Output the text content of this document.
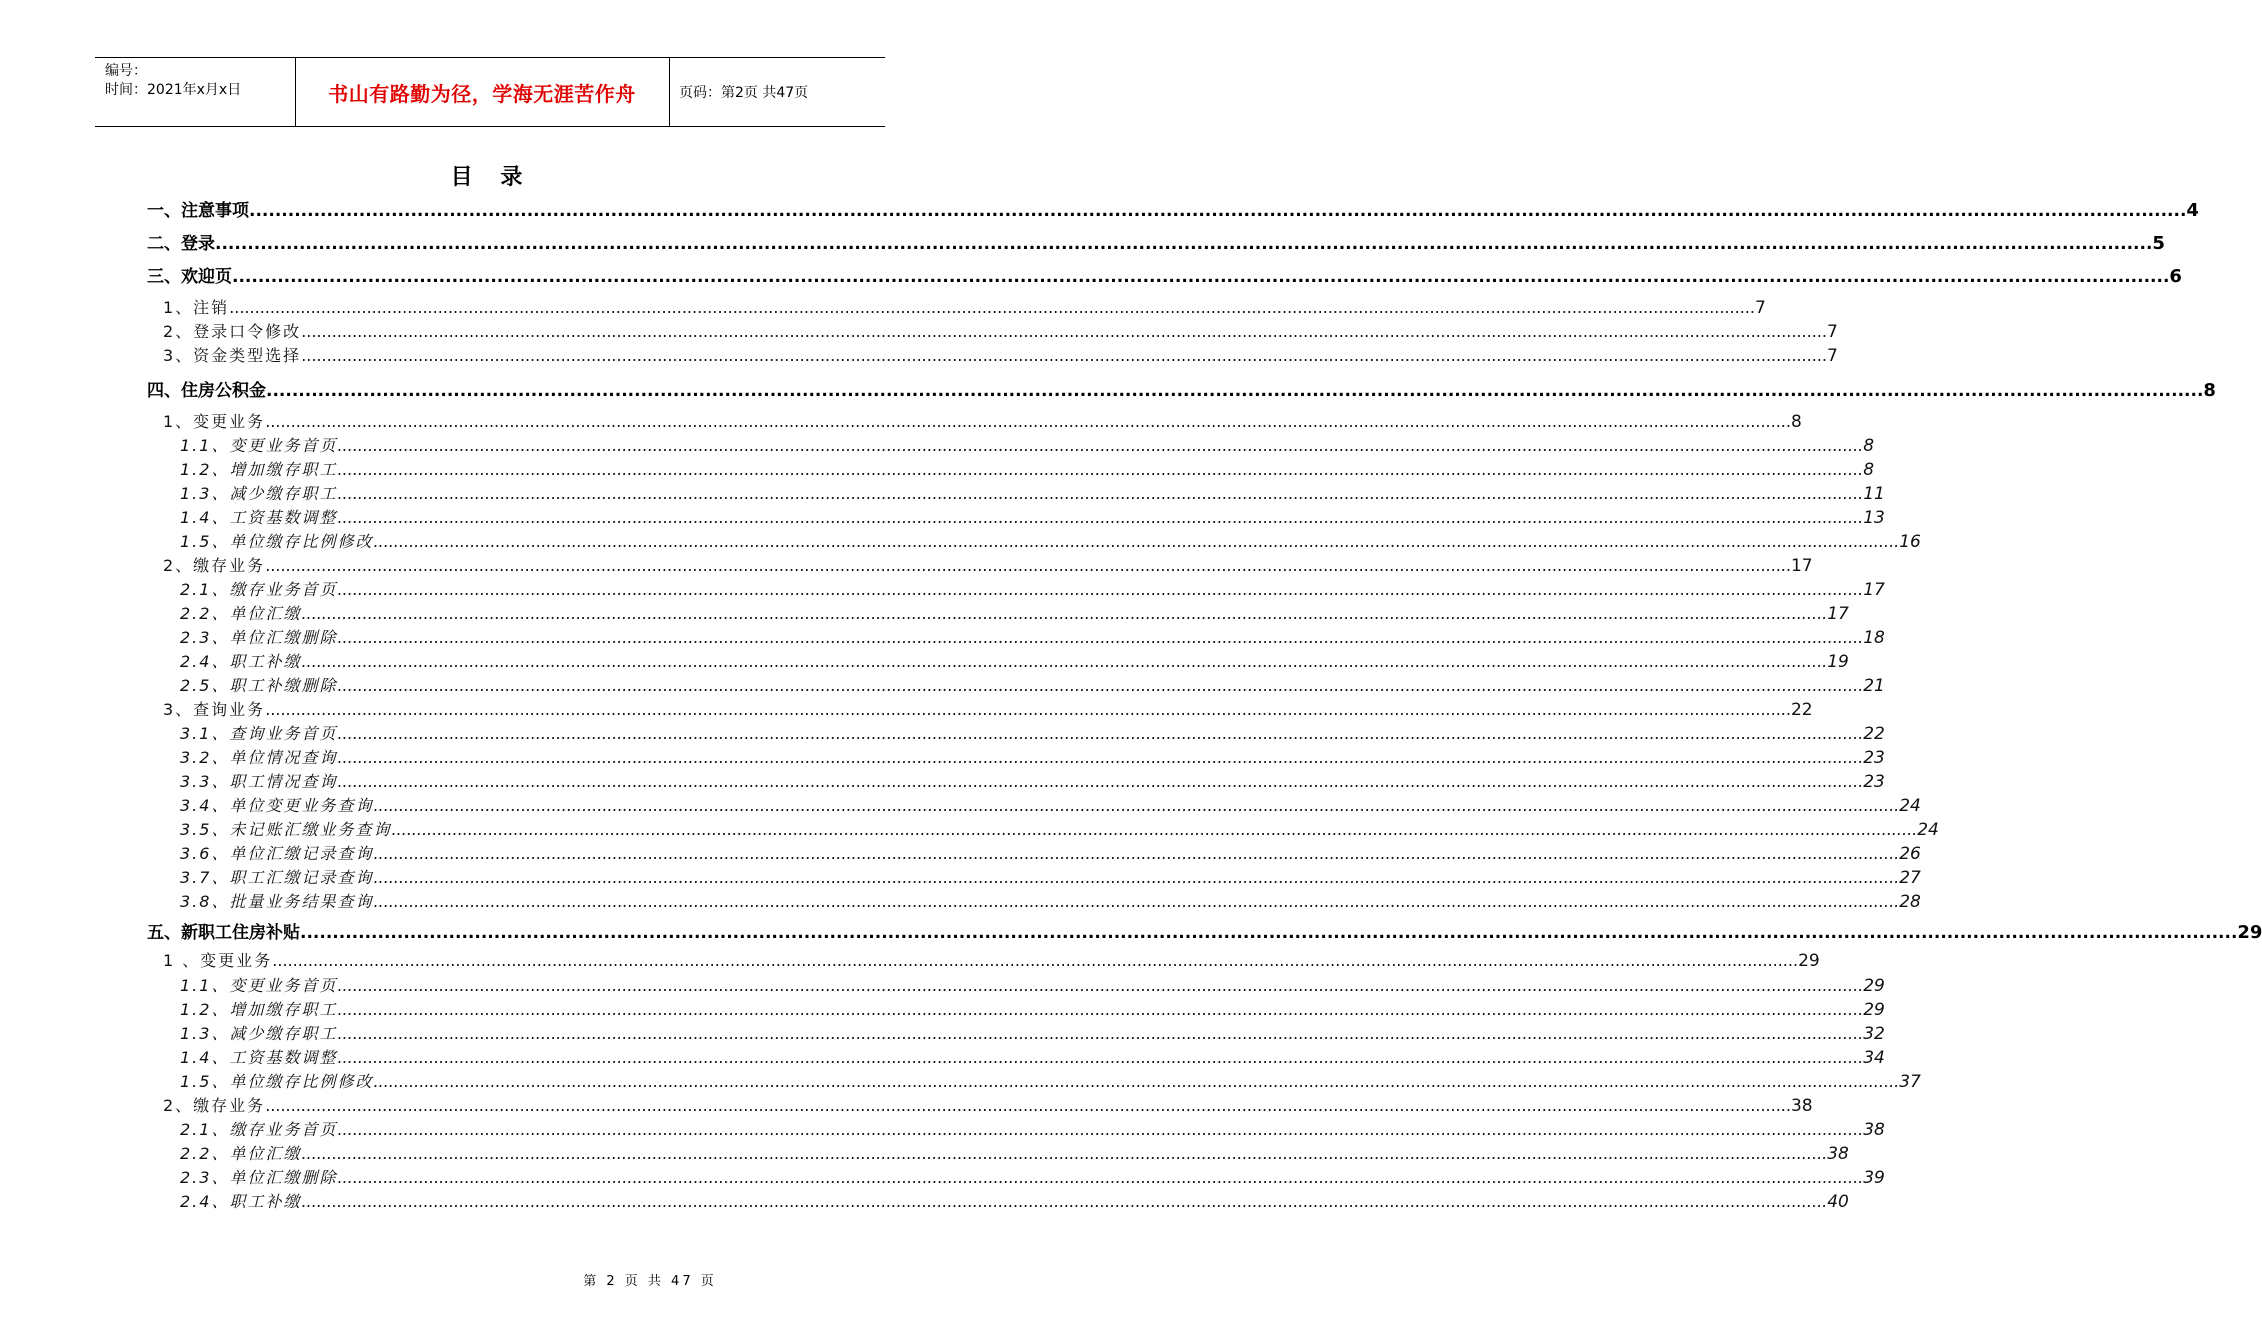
编号：
时间：2021年x月x日	书山有路勤为径，学海无涯苦作舟	页码：第2页 共47页
目 录
一、注意事项 ............................................................................................................................................................................................................................................................................................................ 4
二、登录 ............................................................................................................................................................................................................................................................................................................ 5
三、欢迎页 ............................................................................................................................................................................................................................................................................................................ 6
1、注销 ............................................................................................................................................................................................................................................................................................................ 7
2、登录口令修改 ............................................................................................................................................................................................................................................................................................................ 7
3、资金类型选择 ............................................................................................................................................................................................................................................................................................................ 7
四、住房公积金 ............................................................................................................................................................................................................................................................................................................ 8
1、变更业务 ............................................................................................................................................................................................................................................................................................................ 8
1.1、变更业务首页 ............................................................................................................................................................................................................................................................................................................ 8
1.2、增加缴存职工 ............................................................................................................................................................................................................................................................................................................ 8
1.3、减少缴存职工 ............................................................................................................................................................................................................................................................................................................ 11
1.4、工资基数调整 ............................................................................................................................................................................................................................................................................................................ 13
1.5、单位缴存比例修改 ............................................................................................................................................................................................................................................................................................................ 16
2、缴存业务 ............................................................................................................................................................................................................................................................................................................ 17
2.1、缴存业务首页 ............................................................................................................................................................................................................................................................................................................ 17
2.2、单位汇缴 ............................................................................................................................................................................................................................................................................................................ 17
2.3、单位汇缴删除 ............................................................................................................................................................................................................................................................................................................ 18
2.4、职工补缴 ............................................................................................................................................................................................................................................................................................................ 19
2.5、职工补缴删除 ............................................................................................................................................................................................................................................................................................................ 21
3、查询业务 ............................................................................................................................................................................................................................................................................................................ 22
3.1、查询业务首页 ............................................................................................................................................................................................................................................................................................................ 22
3.2、单位情况查询 ............................................................................................................................................................................................................................................................................................................ 23
3.3、职工情况查询 ............................................................................................................................................................................................................................................................................................................ 23
3.4、单位变更业务查询 ............................................................................................................................................................................................................................................................................................................ 24
3.5、未记账汇缴业务查询 ............................................................................................................................................................................................................................................................................................................ 24
3.6、单位汇缴记录查询 ............................................................................................................................................................................................................................................................................................................ 26
3.7、职工汇缴记录查询 ............................................................................................................................................................................................................................................................................................................ 27
3.8、批量业务结果查询 ............................................................................................................................................................................................................................................................................................................ 28
五、新职工住房补贴 ............................................................................................................................................................................................................................................................................................................ 29
1 、变更业务 ............................................................................................................................................................................................................................................................................................................ 29
1.1、变更业务首页 ............................................................................................................................................................................................................................................................................................................ 29
1.2、增加缴存职工 ............................................................................................................................................................................................................................................................................................................ 29
1.3、减少缴存职工 ............................................................................................................................................................................................................................................................................................................ 32
1.4、工资基数调整 ............................................................................................................................................................................................................................................................................................................ 34
1.5、单位缴存比例修改 ............................................................................................................................................................................................................................................................................................................ 37
2、缴存业务 ............................................................................................................................................................................................................................................................................................................ 38
2.1、缴存业务首页 ............................................................................................................................................................................................................................................................................................................ 38
2.2、单位汇缴 ............................................................................................................................................................................................................................................................................................................ 38
2.3、单位汇缴删除 ............................................................................................................................................................................................................................................................................................................ 39
2.4、职工补缴 ............................................................................................................................................................................................................................................................................................................ 40
第 2 页 共 47 页
